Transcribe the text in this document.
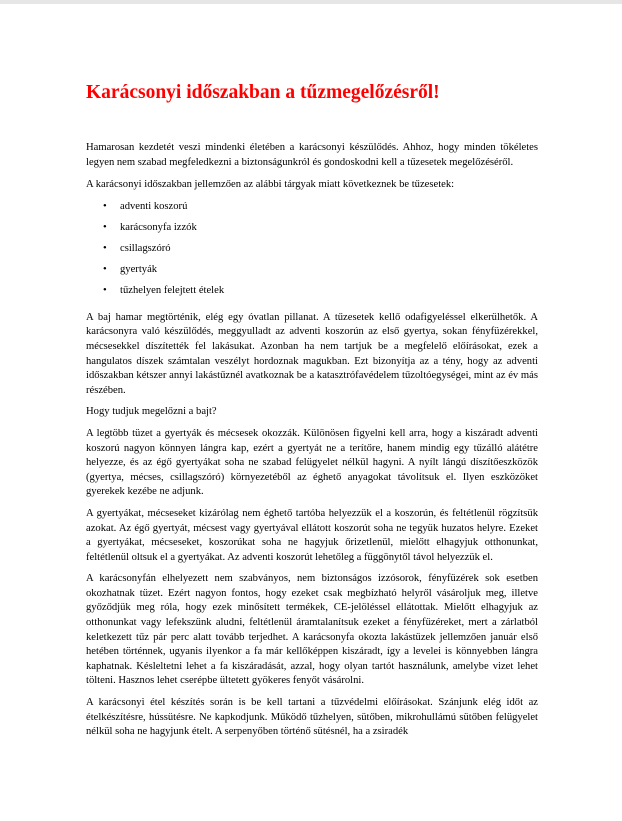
Karácsonyi időszakban a tűzmegelőzésről!

Hamarosan kezdetét veszi mindenki életében a karácsonyi készülődés. Ahhoz, hogy minden tökéletes legyen nem szabad megfeledkezni a biztonságunkról és gondoskodni kell a tűzesetek megelőzéséről.

A karácsonyi időszakban jellemzően az alábbi tárgyak miatt következnek be tűzesetek:

• adventi koszorú
• karácsonyfa izzók
• csillagszóró
• gyertyák
• tűzhelyen felejtett ételek

A baj hamar megtörténik, elég egy óvatlan pillanat. A tűzesetek kellő odafigyeléssel elkerülhetők. A karácsonyra való készülődés, meggyulladt az adventi koszorún az első gyertya, sokan fényfüzérekkel, mécsesekkel díszítették fel lakásukat. Azonban ha nem tartjuk be a megfelelő előírásokat, ezek a hangulatos díszek számtalan veszélyt hordoznak magukban. Ezt bizonyítja az a tény, hogy az adventi időszakban kétszer annyi lakástűznél avatkoznak be a katasztrófavédelem tűzoltóegységei, mint az év más részében.

Hogy tudjuk megelőzni a bajt?

A legtöbb tüzet a gyertyák és mécsesek okozzák. Különösen figyelni kell arra, hogy a kiszáradt adventi koszorú nagyon könnyen lángra kap, ezért a gyertyát ne a terítőre, hanem mindig egy tűzálló alátétre helyezze, és az égő gyertyákat soha ne szabad felügyelet nélkül hagyni. A nyílt lángú díszítőeszközök (gyertya, mécses, csillagszóró) környezetéből az éghető anyagokat távolítsuk el. Ilyen eszközöket gyerekek kezébe ne adjunk.

A gyertyákat, mécseseket kizárólag nem éghető tartóba helyezzük el a koszorún, és feltétlenül rögzítsük azokat. Az égő gyertyát, mécsest vagy gyertyával ellátott koszorút soha ne tegyük huzatos helyre. Ezeket a gyertyákat, mécseseket, koszorúkat soha ne hagyjuk őrizetlenül, mielőtt elhagyjuk otthonunkat, feltétlenül oltsuk el a gyertyákat. Az adventi koszorút lehetőleg a függönytől távol helyezzük el.

A karácsonyfán elhelyezett nem szabványos, nem biztonságos izzósorok, fényfüzérek sok esetben okozhatnak tüzet. Ezért nagyon fontos, hogy ezeket csak megbízható helyről vásároljuk meg, illetve győződjük meg róla, hogy ezek minősített termékek, CE-jelöléssel ellátottak. Mielőtt elhagyjuk az otthonunkat vagy lefekszünk aludni, feltétlenül áramtalanítsuk ezeket a fényfüzéreket, mert a zárlatból keletkezett tűz pár perc alatt tovább terjedhet. A karácsonyfa okozta lakástüzek jellemzően január első hetében történnek, ugyanis ilyenkor a fa már kellőképpen kiszáradt, így a levelei is könnyebben lángra kaphatnak. Késleltetni lehet a fa kiszáradását, azzal, hogy olyan tartót használunk, amelybe vizet lehet tölteni. Hasznos lehet cserépbe ültetett gyökeres fenyőt vásárolni.

A karácsonyi étel készítés során is be kell tartani a tűzvédelmi előírásokat. Szánjunk elég időt az ételkészítésre, hússütésre. Ne kapkodjunk. Működő tűzhelyen, sütőben, mikrohullámú sütőben felügyelet nélkül soha ne hagyjunk ételt. A serpenyőben történő sütésnél, ha a zsiradék
